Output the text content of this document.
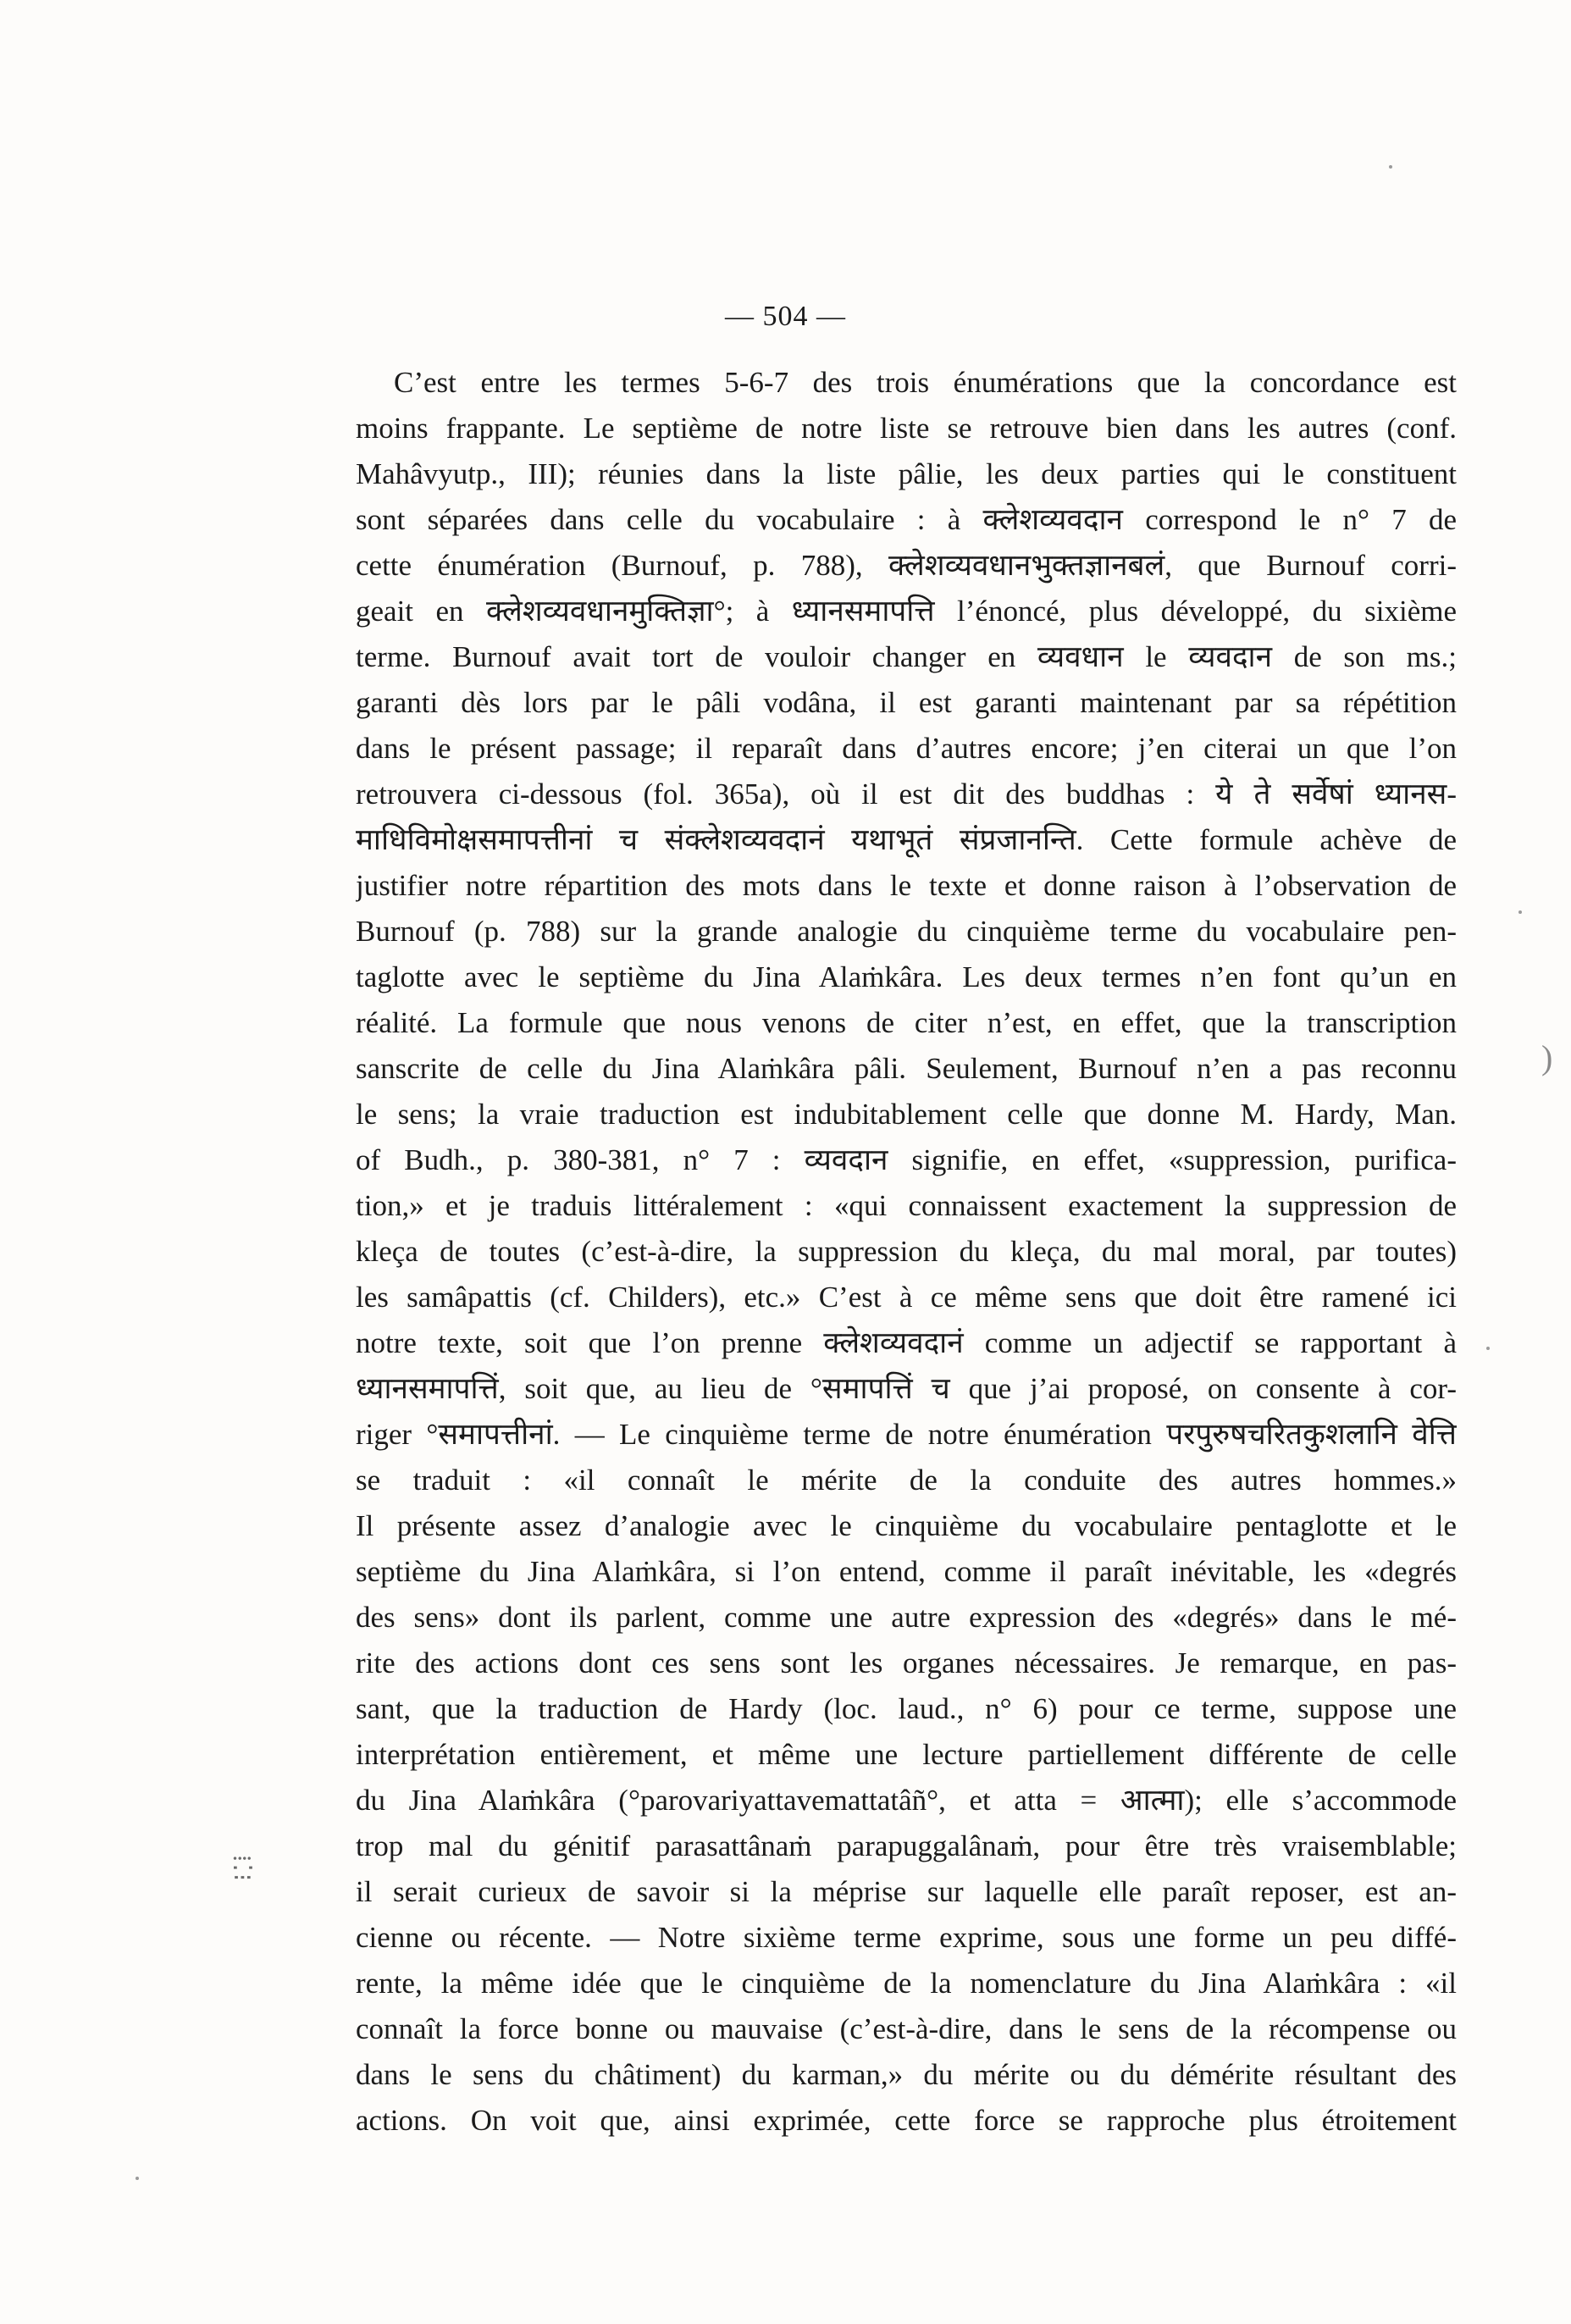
— 504 —
C’est entre les termes 5-6-7 des trois énumérations que la concordance est
moins frappante. Le septième de notre liste se retrouve bien dans les autres (conf.
Mahâvyutp., III); réunies dans la liste pâlie, les deux parties qui le constituent
sont séparées dans celle du vocabulaire : à क्लेशव्यवदान correspond le n° 7 de
cette énumération (Burnouf, p. 788), क्लेशव्यवधानभुक्तज्ञानबलं, que Burnouf corri-
geait en क्लेशव्यवधानमुक्तिज्ञा°; à ध्यानसमापत्ति l’énoncé, plus développé, du sixième
terme. Burnouf avait tort de vouloir changer en व्यवधान le व्यवदान de son ms.;
garanti dès lors par le pâli vodâna, il est garanti maintenant par sa répétition
dans le présent passage; il reparaît dans d’autres encore; j’en citerai un que l’on
retrouvera ci-dessous (fol. 365a), où il est dit des buddhas : ये ते सर्वेषां ध्यानस-
माधिविमोक्षसमापत्तीनां च संक्लेशव्यवदानं यथाभूतं संप्रजानन्ति. Cette formule achève de
justifier notre répartition des mots dans le texte et donne raison à l’observation de
Burnouf (p. 788) sur la grande analogie du cinquième terme du vocabulaire pen-
taglotte avec le septième du Jina Alaṁkâra. Les deux termes n’en font qu’un en
réalité. La formule que nous venons de citer n’est, en effet, que la transcription
sanscrite de celle du Jina Alaṁkâra pâli. Seulement, Burnouf n’en a pas reconnu
le sens; la vraie traduction est indubitablement celle que donne M. Hardy, Man.
of Budh., p. 380-381, n° 7 : व्यवदान signifie, en effet, «suppression, purifica-
tion,» et je traduis littéralement : «qui connaissent exactement la suppression de
kleça de toutes (c’est-à-dire, la suppression du kleça, du mal moral, par toutes)
les samâpattis (cf. Childers), etc.» C’est à ce même sens que doit être ramené ici
notre texte, soit que l’on prenne क्लेशव्यवदानं comme un adjectif se rapportant à
ध्यानसमापत्तिं, soit que, au lieu de °समापत्तिं च que j’ai proposé, on consente à cor-
riger °समापत्तीनां. — Le cinquième terme de notre énumération परपुरुषचरितकुशलानि वेत्ति
se traduit : «il connaît le mérite de la conduite des autres hommes.»
Il présente assez d’analogie avec le cinquième du vocabulaire pentaglotte et le
septième du Jina Alaṁkâra, si l’on entend, comme il paraît inévitable, les «degrés
des sens» dont ils parlent, comme une autre expression des «degrés» dans le mé-
rite des actions dont ces sens sont les organes nécessaires. Je remarque, en pas-
sant, que la traduction de Hardy (loc. laud., n° 6) pour ce terme, suppose une
interprétation entièrement, et même une lecture partiellement différente de celle
du Jina Alaṁkâra (°parovariyattavemattatâñ°, et atta = आत्मा); elle s’accommode
trop mal du génitif parasattânaṁ parapuggalânaṁ, pour être très vraisemblable;
il serait curieux de savoir si la méprise sur laquelle elle paraît reposer, est an-
cienne ou récente. — Notre sixième terme exprime, sous une forme un peu diffé-
rente, la même idée que le cinquième de la nomenclature du Jina Alaṁkâra : «il
connaît la force bonne ou mauvaise (c’est-à-dire, dans le sens de la récompense ou
dans le sens du châtiment) du karman,» du mérite ou du démérite résultant des
actions. On voit que, ainsi exprimée, cette force se rapproche plus étroitement
)
⁞⁚⁝
